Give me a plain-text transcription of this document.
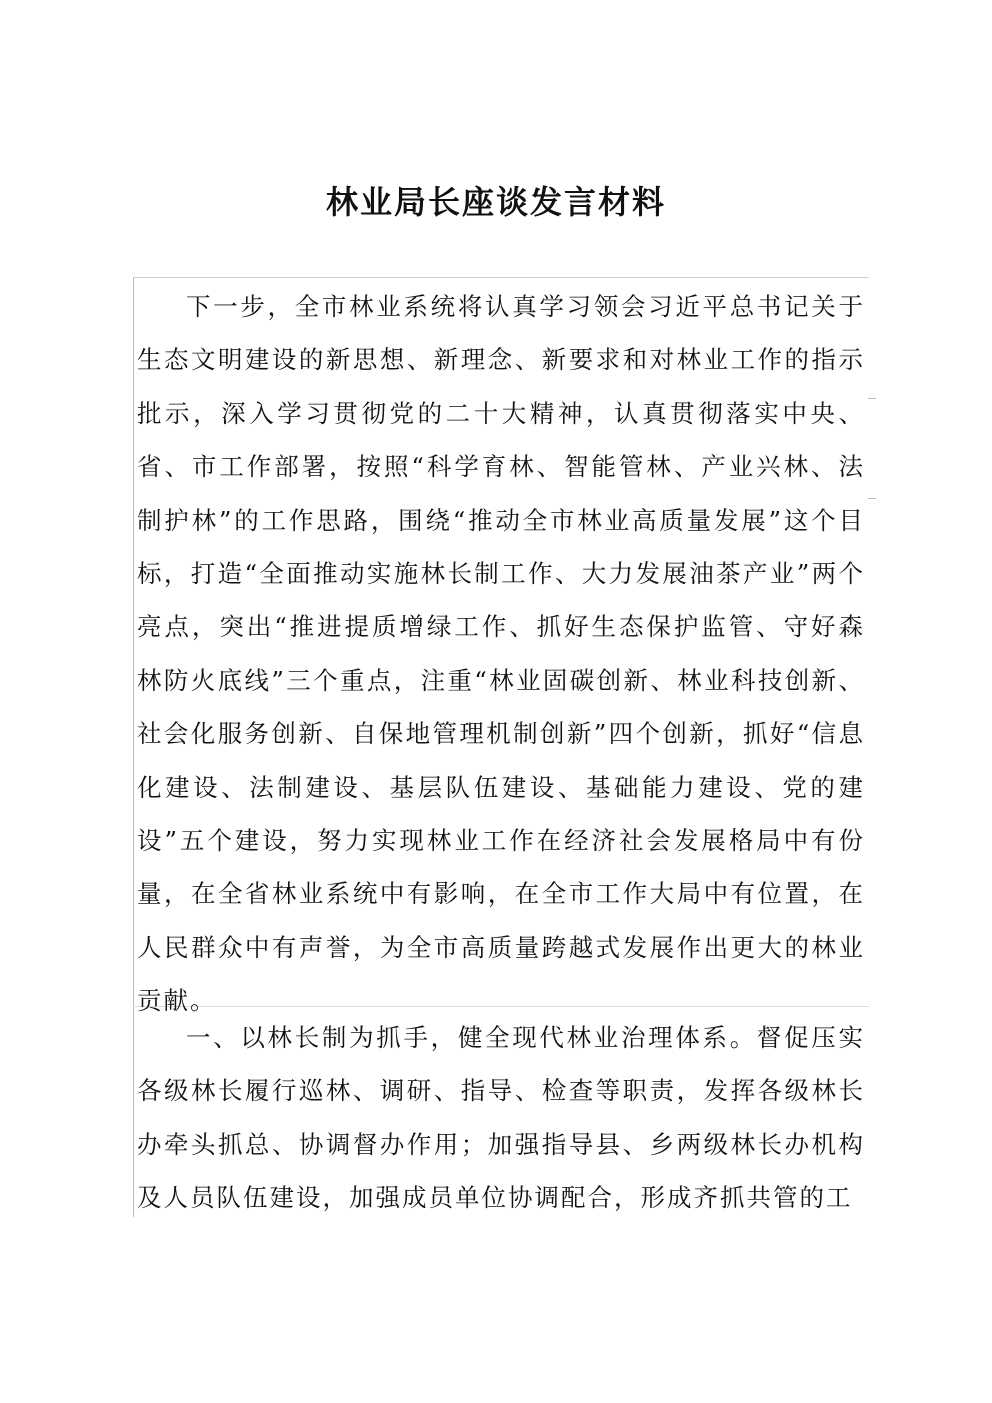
林业局长座谈发言材料

下一步，全市林业系统将认真学习领会习近平总书记关于生态文明建设的新思想、新理念、新要求和对林业工作的指示批示，深入学习贯彻党的二十大精神，认真贯彻落实中央、省、市工作部署，按照“科学育林、智能管林、产业兴林、法制护林”的工作思路，围绕“推动全市林业高质量发展”这个目标，打造“全面推动实施林长制工作、大力发展油茶产业”两个亮点，突出“推进提质增绿工作、抓好生态保护监管、守好森林防火底线”三个重点，注重“林业固碳创新、林业科技创新、社会化服务创新、自保地管理机制创新”四个创新，抓好“信息化建设、法制建设、基层队伍建设、基础能力建设、党的建设”五个建设，努力实现林业工作在经济社会发展格局中有份量，在全省林业系统中有影响，在全市工作大局中有位置，在人民群众中有声誉，为全市高质量跨越式发展作出更大的林业贡献。

一、以林长制为抓手，健全现代林业治理体系。督促压实各级林长履行巡林、调研、指导、检查等职责，发挥各级林长办牵头抓总、协调督办作用；加强指导县、乡两级林长办机构及人员队伍建设，加强成员单位协调配合，形成齐抓共管的工
